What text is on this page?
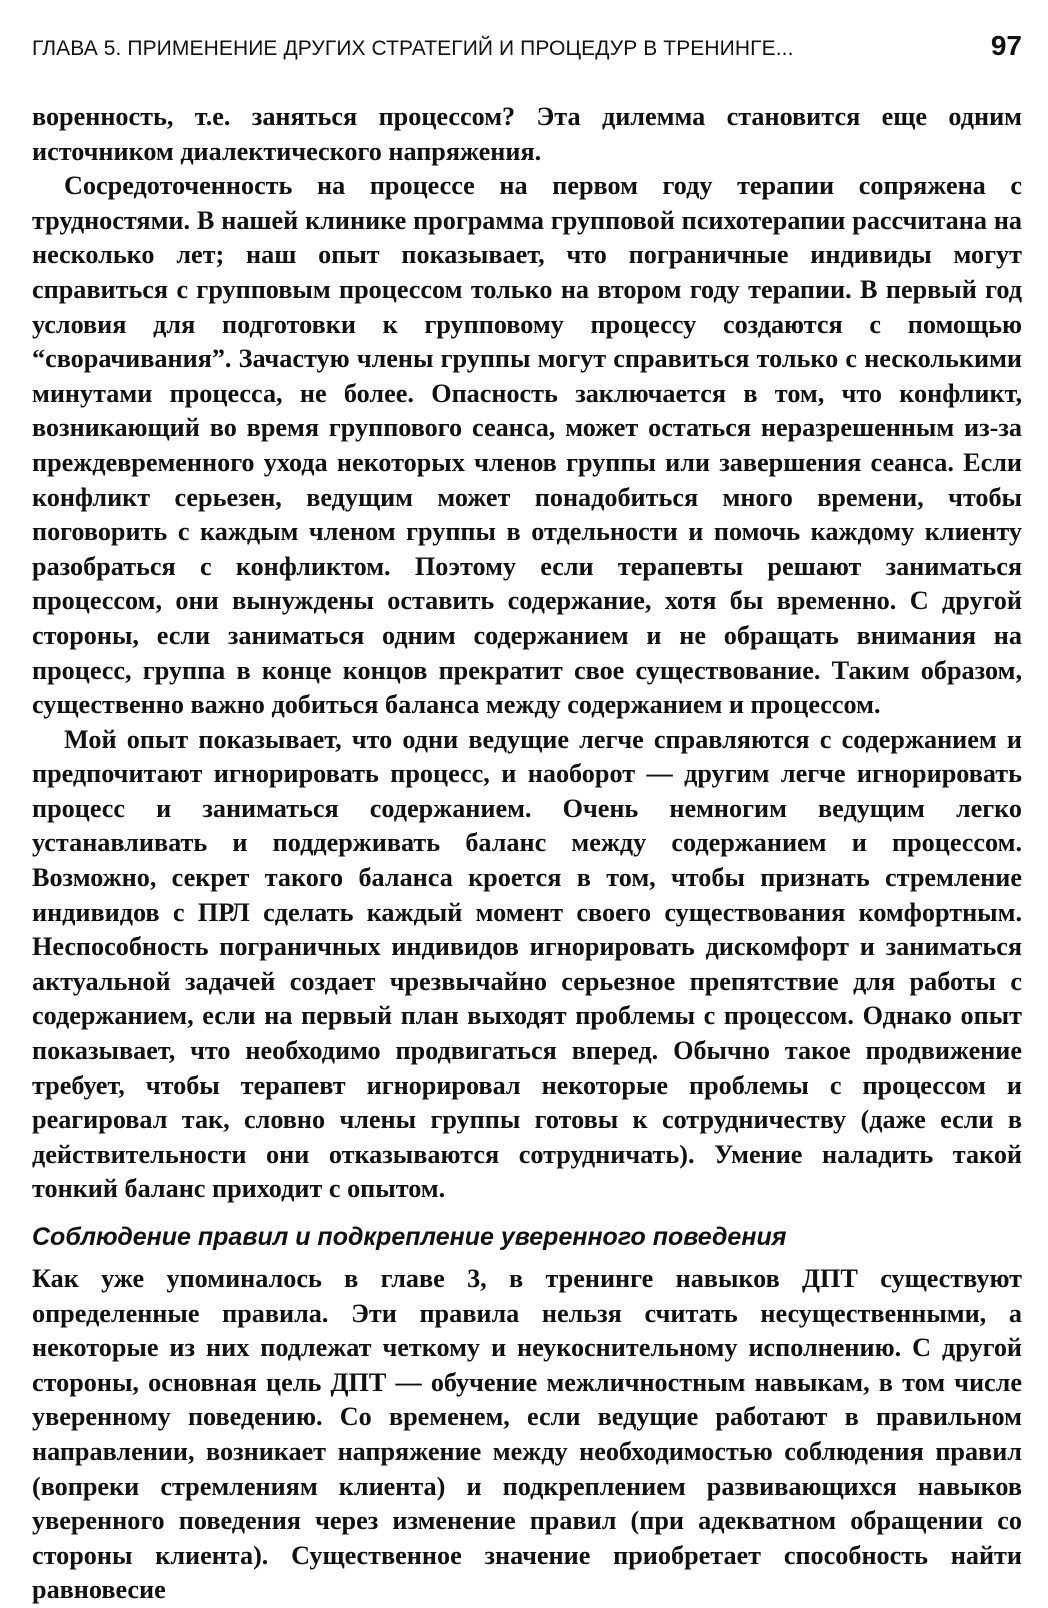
ГЛАВА 5. ПРИМЕНЕНИЕ ДРУГИХ СТРАТЕГИЙ И ПРОЦЕДУР В ТРЕНИНГЕ...	97

воренность, т.е. заняться процессом? Эта дилемма становится еще одним источником диалектического напряжения.

Сосредоточенность на процессе на первом году терапии сопряжена с трудностями. В нашей клинике программа групповой психотерапии рассчитана на несколько лет; наш опыт показывает, что пограничные индивиды могут справиться с групповым процессом только на втором году терапии. В первый год условия для подготовки к групповому процессу создаются с помощью “сворачивания”. Зачастую члены группы могут справиться только с несколькими минутами процесса, не более. Опасность заключается в том, что конфликт, возникающий во время группового сеанса, может остаться неразрешенным из-за преждевременного ухода некоторых членов группы или завершения сеанса. Если конфликт серьезен, ведущим может понадобиться много времени, чтобы поговорить с каждым членом группы в отдельности и помочь каждому клиенту разобраться с конфликтом. Поэтому если терапевты решают заниматься процессом, они вынуждены оставить содержание, хотя бы временно. С другой стороны, если заниматься одним содержанием и не обращать внимания на процесс, группа в конце концов прекратит свое существование. Таким образом, существенно важно добиться баланса между содержанием и процессом.

Мой опыт показывает, что одни ведущие легче справляются с содержанием и предпочитают игнорировать процесс, и наоборот — другим легче игнорировать процесс и заниматься содержанием. Очень немногим ведущим легко устанавливать и поддерживать баланс между содержанием и процессом. Возможно, секрет такого баланса кроется в том, чтобы признать стремление индивидов с ПРЛ сделать каждый момент своего существования комфортным. Неспособность пограничных индивидов игнорировать дискомфорт и заниматься актуальной задачей создает чрезвычайно серьезное препятствие для работы с содержанием, если на первый план выходят проблемы с процессом. Однако опыт показывает, что необходимо продвигаться вперед. Обычно такое продвижение требует, чтобы терапевт игнорировал некоторые проблемы с процессом и реагировал так, словно члены группы готовы к сотрудничеству (даже если в действительности они отказываются сотрудничать). Умение наладить такой тонкий баланс приходит с опытом.

Соблюдение правил и подкрепление уверенного поведения

Как уже упоминалось в главе 3, в тренинге навыков ДПТ существуют определенные правила. Эти правила нельзя считать несущественными, а некоторые из них подлежат четкому и неукоснительному исполнению. С другой стороны, основная цель ДПТ — обучение межличностным навыкам, в том числе уверенному поведению. Со временем, если ведущие работают в правильном направлении, возникает напряжение между необходимостью соблюдения правил (вопреки стремлениям клиента) и подкреплением развивающихся навыков уверенного поведения через изменение правил (при адекватном обращении со стороны клиента). Существенное значение приобретает способность найти равновесие
